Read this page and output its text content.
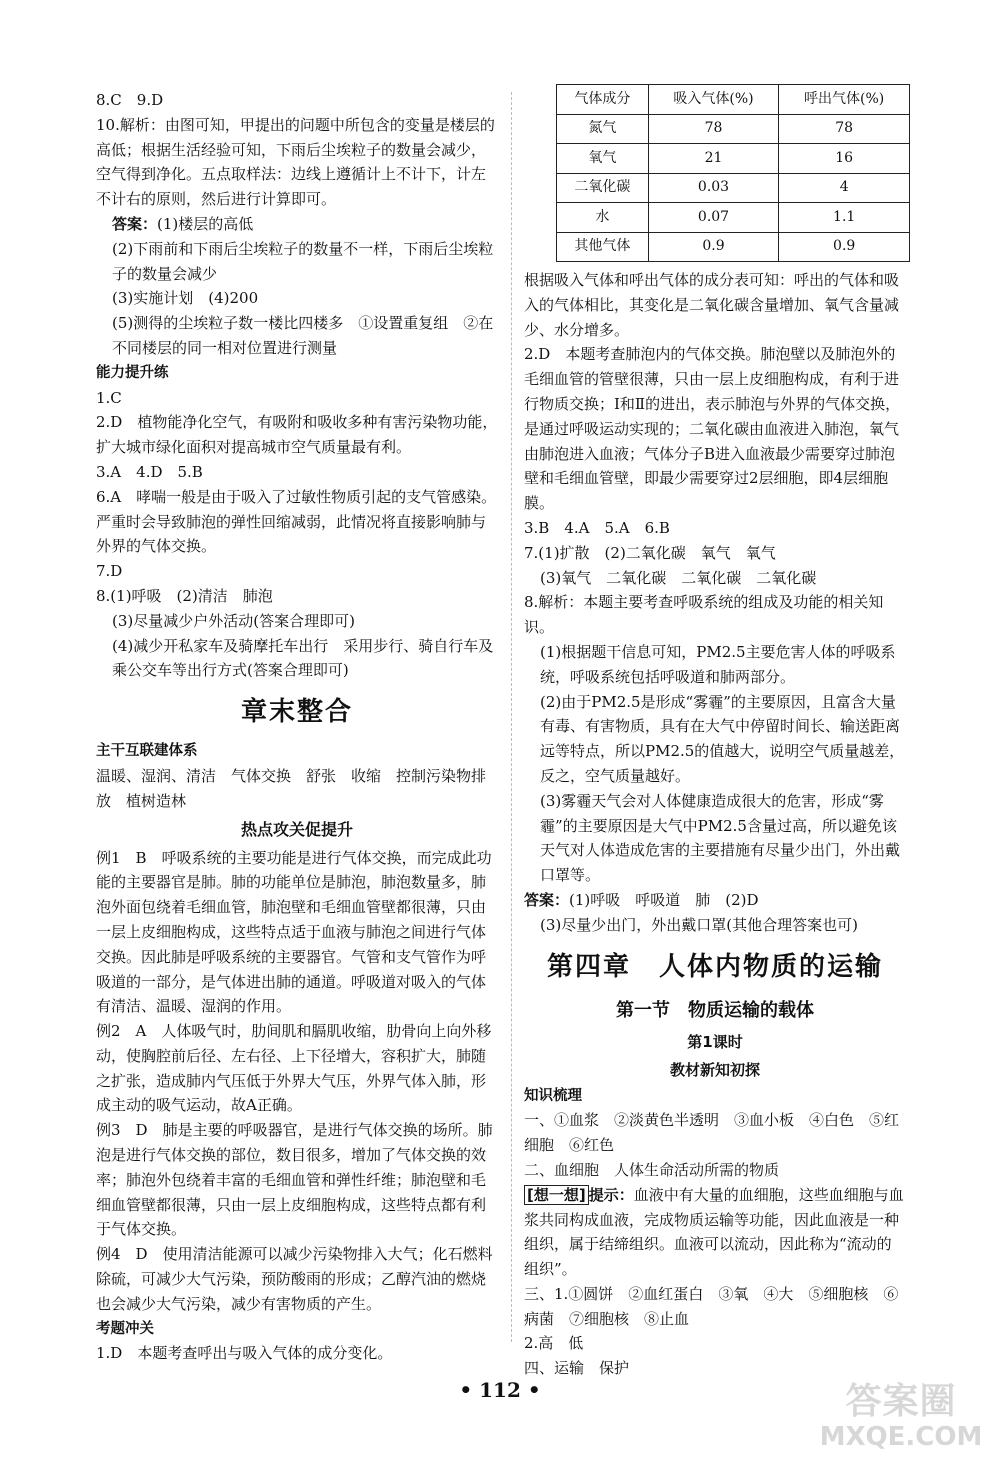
8.C　9.D

10.解析：由图可知，甲提出的问题中所包含的变量是楼层的高低；根据生活经验可知，下雨后尘埃粒子的数量会减少，空气得到净化。五点取样法：边线上遵循计上不计下，计左不计右的原则，然后进行计算即可。

答案：(1)楼层的高低

(2)下雨前和下雨后尘埃粒子的数量不一样，下雨后尘埃粒子的数量会减少

(3)实施计划　(4)200

(5)测得的尘埃粒子数一楼比四楼多　①设置重复组　②在不同楼层的同一相对位置进行测量

能力提升练

1.C

2.D　植物能净化空气，有吸附和吸收多种有害污染物功能，扩大城市绿化面积对提高城市空气质量最有利。

3.A　4.D　5.B

6.A　哮喘一般是由于吸入了过敏性物质引起的支气管感染。严重时会导致肺泡的弹性回缩减弱，此情况将直接影响肺与外界的气体交换。

7.D

8.(1)呼吸　(2)清洁　肺泡

(3)尽量减少户外活动(答案合理即可)

(4)减少开私家车及骑摩托车出行　采用步行、骑自行车及乘公交车等出行方式(答案合理即可)

章末整合

主干互联建体系

温暖、湿润、清洁　气体交换　舒张　收缩　控制污染物排放　植树造林

热点攻关促提升

例1　B　呼吸系统的主要功能是进行气体交换，而完成此功能的主要器官是肺。肺的功能单位是肺泡，肺泡数量多，肺泡外面包绕着毛细血管，肺泡壁和毛细血管壁都很薄，只由一层上皮细胞构成，这些特点适于血液与肺泡之间进行气体交换。因此肺是呼吸系统的主要器官。气管和支气管作为呼吸道的一部分，是气体进出肺的通道。呼吸道对吸入的气体有清洁、温暖、湿润的作用。

例2　A　人体吸气时，肋间肌和膈肌收缩，肋骨向上向外移动，使胸腔前后径、左右径、上下径增大，容积扩大，肺随之扩张，造成肺内气压低于外界大气压，外界气体入肺，形成主动的吸气运动，故A正确。

例3　D　肺是主要的呼吸器官，是进行气体交换的场所。肺泡是进行气体交换的部位，数目很多，增加了气体交换的效率；肺泡外包绕着丰富的毛细血管和弹性纤维；肺泡壁和毛细血管壁都很薄，只由一层上皮细胞构成，这些特点都有利于气体交换。

例4　D　使用清洁能源可以减少污染物排入大气；化石燃料除硫，可减少大气污染，预防酸雨的形成；乙醇汽油的燃烧也会减少大气污染，减少有害物质的产生。

考题冲关

1.D　本题考查呼出与吸入气体的成分变化。

气体成分	吸入气体(%)	呼出气体(%)
氮气	78	78
氧气	21	16
二氧化碳	0.03	4
水	0.07	1.1
其他气体	0.9	0.9

根据吸入气体和呼出气体的成分表可知：呼出的气体和吸入的气体相比，其变化是二氧化碳含量增加、氧气含量减少、水分增多。

2.D　本题考查肺泡内的气体交换。肺泡壁以及肺泡外的毛细血管的管壁很薄，只由一层上皮细胞构成，有利于进行物质交换；Ⅰ和Ⅱ的进出，表示肺泡与外界的气体交换，是通过呼吸运动实现的；二氧化碳由血液进入肺泡，氧气由肺泡进入血液；气体分子B进入血液最少需要穿过肺泡壁和毛细血管壁，即最少需要穿过2层细胞，即4层细胞膜。

3.B　4.A　5.A　6.B

7.(1)扩散　(2)二氧化碳　氧气　氧气

(3)氧气　二氧化碳　二氧化碳　二氧化碳

8.解析：本题主要考查呼吸系统的组成及功能的相关知识。

(1)根据题干信息可知，PM2.5主要危害人体的呼吸系统，呼吸系统包括呼吸道和肺两部分。

(2)由于PM2.5是形成“雾霾”的主要原因，且富含大量有毒、有害物质，具有在大气中停留时间长、输送距离远等特点，所以PM2.5的值越大，说明空气质量越差，反之，空气质量越好。

(3)雾霾天气会对人体健康造成很大的危害，形成“雾霾”的主要原因是大气中PM2.5含量过高，所以避免该天气对人体造成危害的主要措施有尽量少出门，外出戴口罩等。

答案：(1)呼吸　呼吸道　肺　(2)D

(3)尽量少出门，外出戴口罩(其他合理答案也可)

第四章　人体内物质的运输

第一节　物质运输的载体

第1课时

教材新知初探

知识梳理

一、①血浆　②淡黄色半透明　③血小板　④白色　⑤红细胞　⑥红色

二、血细胞　人体生命活动所需的物质

[想一想] 提示：血液中有大量的血细胞，这些血细胞与血浆共同构成血液，完成物质运输等功能，因此血液是一种组织，属于结缔组织。血液可以流动，因此称为“流动的组织”。

三、1.①圆饼　②血红蛋白　③氧　④大　⑤细胞核　⑥病菌　⑦细胞核　⑧止血

2.高　低

四、运输　保护

• 112 •	答案圈
MXQE.COM
